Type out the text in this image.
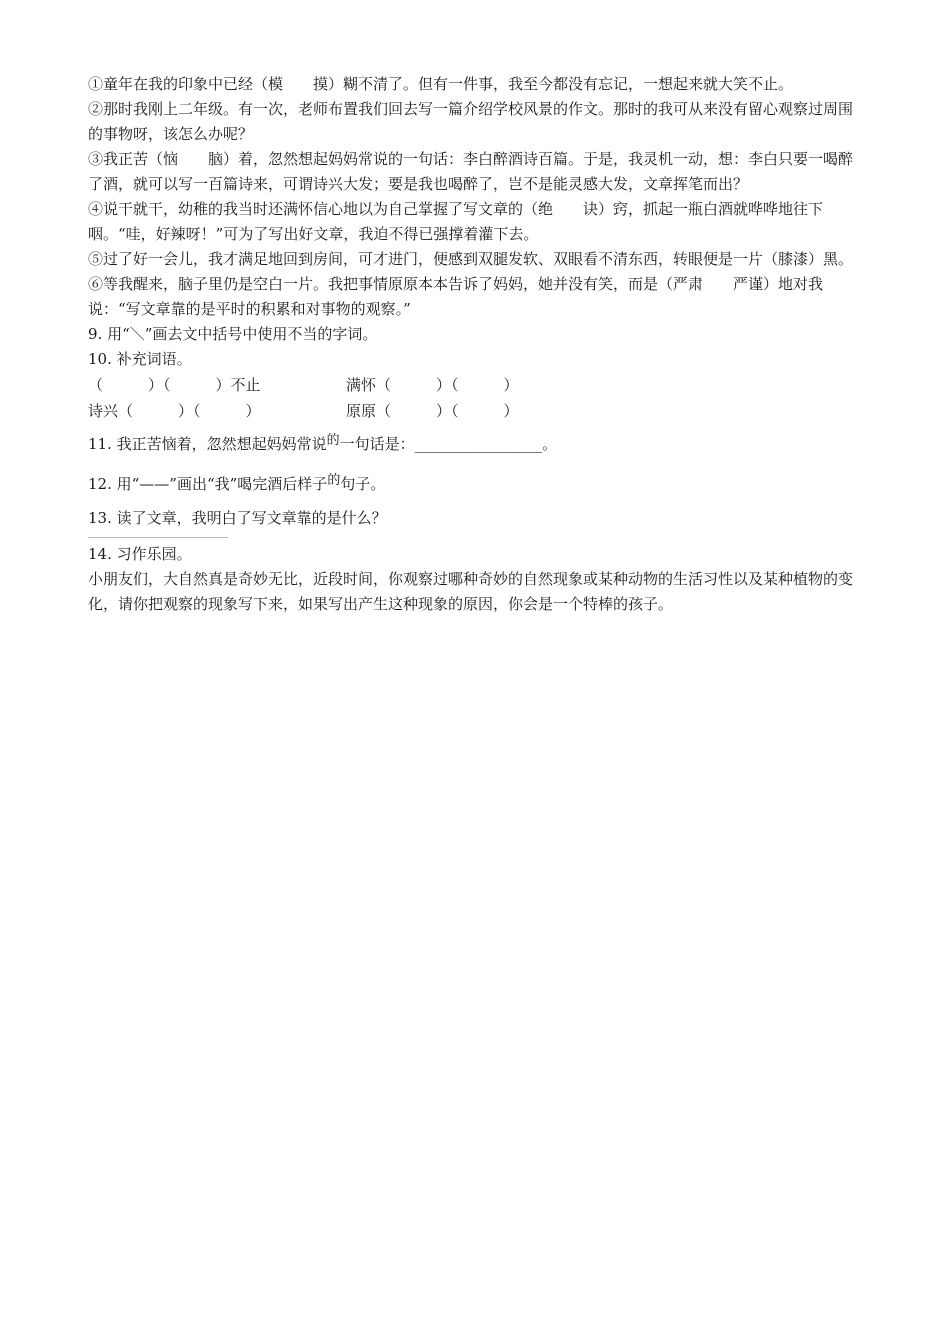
①童年在我的印象中已经（模　　摸）糊不清了。但有一件事，我至今都没有忘记，一想起来就大笑不止。

②那时我刚上二年级。有一次，老师布置我们回去写一篇介绍学校风景的作文。那时的我可从来没有留心观察过周围的事物呀，该怎么办呢？

③我正苦（恼　　脑）着，忽然想起妈妈常说的一句话：李白醉酒诗百篇。于是，我灵机一动，想：李白只要一喝醉了酒，就可以写一百篇诗来，可谓诗兴大发；要是我也喝醉了，岂不是能灵感大发，文章挥笔而出？

④说干就干，幼稚的我当时还满怀信心地以为自己掌握了写文章的（绝　　诀）窍，抓起一瓶白酒就哗哗地往下咽。“哇，好辣呀！”可为了写出好文章，我迫不得已强撑着灌下去。

⑤过了好一会儿，我才满足地回到房间，可才进门，便感到双腿发软、双眼看不清东西，转眼便是一片（膝漆）黑。

⑥等我醒来，脑子里仍是空白一片。我把事情原原本本告诉了妈妈，她并没有笑，而是（严肃　　严谨）地对我说：“写文章靠的是平时的积累和对事物的观察。”

9. 用“＼”画去文中括号中使用不当的字词。

10. 补充词语。

（　　　）（　　　）不止	满怀（　　　）（　　　）
诗兴（　　　）（　　　）	原原（　　　）（　　　）

11. 我正苦恼着，忽然想起妈妈常说的一句话是：_________________。

12. 用“——”画出“我”喝完酒后样子的句子。

13. 读了文章，我明白了写文章靠的是什么？

14. 习作乐园。

小朋友们，大自然真是奇妙无比，近段时间，你观察过哪种奇妙的自然现象或某种动物的生活习性以及某种植物的变化，请你把观察的现象写下来，如果写出产生这种现象的原因，你会是一个特棒的孩子。
